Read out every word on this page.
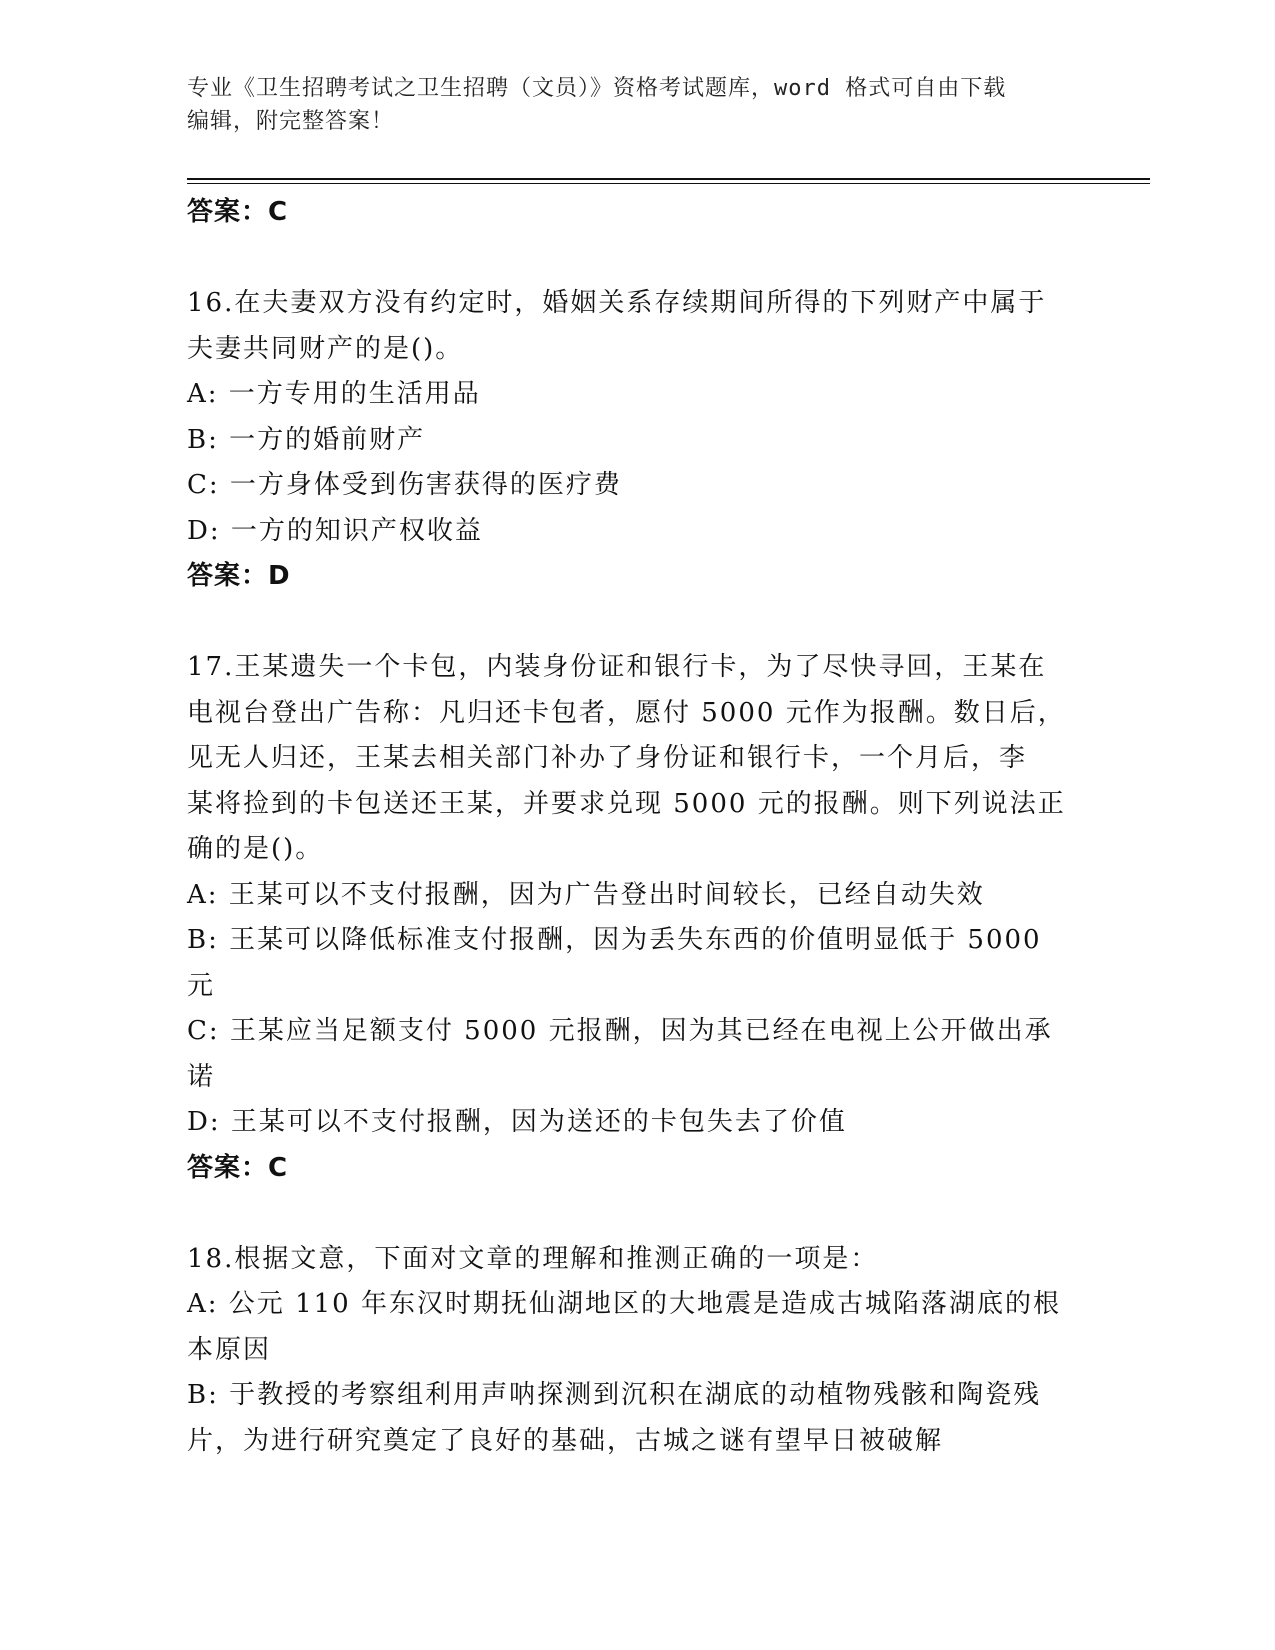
专业《卫生招聘考试之卫生招聘（文员）》资格考试题库，word 格式可自由下载
编辑，附完整答案！
答案：C
16.在夫妻双方没有约定时，婚姻关系存续期间所得的下列财产中属于
夫妻共同财产的是()。
A: 一方专用的生活用品
B: 一方的婚前财产
C: 一方身体受到伤害获得的医疗费
D: 一方的知识产权收益
答案：D
17.王某遗失一个卡包，内装身份证和银行卡，为了尽快寻回，王某在
电视台登出广告称：凡归还卡包者，愿付 5000 元作为报酬。数日后，
见无人归还，王某去相关部门补办了身份证和银行卡，一个月后，李
某将捡到的卡包送还王某，并要求兑现 5000 元的报酬。则下列说法正
确的是()。
A: 王某可以不支付报酬，因为广告登出时间较长，已经自动失效
B: 王某可以降低标准支付报酬，因为丢失东西的价值明显低于 5000
元
C: 王某应当足额支付 5000 元报酬，因为其已经在电视上公开做出承
诺
D: 王某可以不支付报酬，因为送还的卡包失去了价值
答案：C
18.根据文意，下面对文章的理解和推测正确的一项是：
A: 公元 110 年东汉时期抚仙湖地区的大地震是造成古城陷落湖底的根
本原因
B: 于教授的考察组利用声呐探测到沉积在湖底的动植物残骸和陶瓷残
片，为进行研究奠定了良好的基础，古城之谜有望早日被破解
